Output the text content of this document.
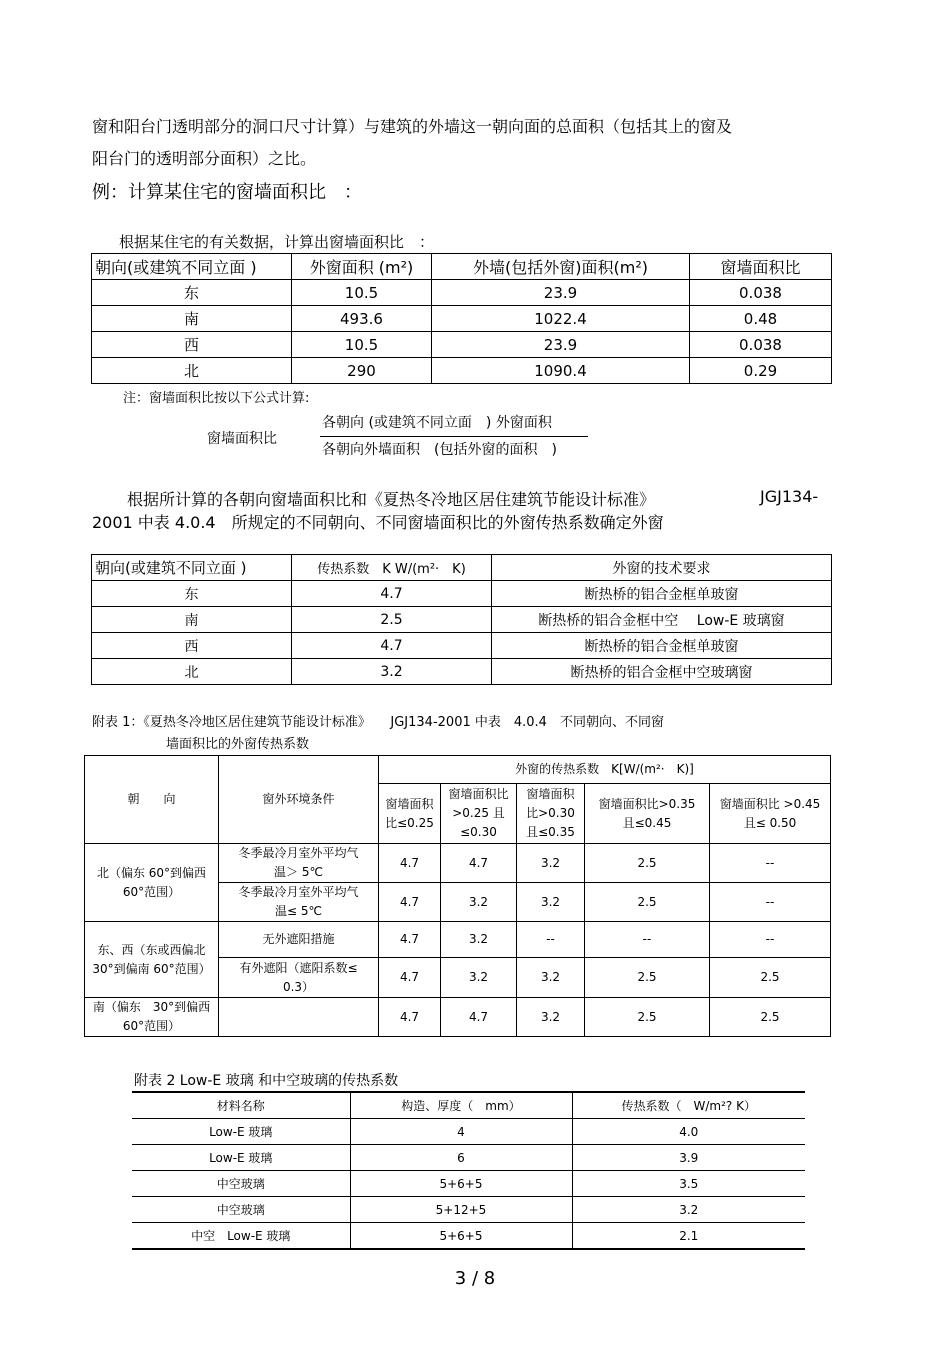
窗和阳台门透明部分的洞口尺寸计算）与建筑的外墙这一朝向面的总面积（包括其上的窗及
阳台门的透明部分面积）之比。
例：计算某住宅的窗墙面积比　：
根据某住宅的有关数据，计算出窗墙面积比　：
朝向(或建筑不同立面 )	外窗面积 (m²)	外墙(包括外窗)面积(m²)	窗墙面积比
东	10.5	23.9	0.038
南	493.6	1022.4	0.48
西	10.5	23.9	0.038
北	290	1090.4	0.29
注：窗墙面积比按以下公式计算:
窗墙面积比
各朝向 (或建筑不同立面　) 外窗面积
各朝向外墙面积　(包括外窗的面积　)
根据所计算的各朝向窗墙面积比和《夏热冬冷地区居住建筑节能设计标准》	JGJ134-
2001 中表 4.0.4　所规定的不同朝向、不同窗墙面积比的外窗传热系数确定外窗
朝向(或建筑不同立面 )	传热系数　K W/(m²·　K)	外窗的技术要求
东	4.7	断热桥的铝合金框单玻窗
南	2.5	断热桥的铝合金框中空　 Low-E 玻璃窗
西	4.7	断热桥的铝合金框单玻窗
北	3.2	断热桥的铝合金框中空玻璃窗
附表 1：《夏热冬冷地区居住建筑节能设计标准》　　JGJ134-2001 中表　4.0.4　不同朝向、不同窗
墙面积比的外窗传热系数
朝　　向	窗外环境条件	外窗的传热系数　K[W/(m²·　K)]				
		窗墙面积比≤0.25	窗墙面积比>0.25 且≤0.30	窗墙面积比>0.30 且≤0.35	窗墙面积比>0.35 且≤0.45	窗墙面积比 >0.45 且≤ 0.50
北（偏东 60°到偏西 60°范围）	冬季最冷月室外平均气温＞ 5℃	4.7	4.7	3.2	2.5	--
	冬季最冷月室外平均气温≤ 5℃	4.7	3.2	3.2	2.5	--
东、西（东或西偏北 30°到偏南 60°范围）	无外遮阳措施	4.7	3.2	--	--	--
	有外遮阳（遮阳系数≤　0.3）	4.7	3.2	3.2	2.5	2.5
南（偏东　30°到偏西 60°范围）		4.7	4.7	3.2	2.5	2.5
附表 2 Low-E 玻璃 和中空玻璃的传热系数
材料名称	构造、厚度（　mm）	传热系数（　W/m²? K）
Low-E 玻璃	4	4.0
Low-E 玻璃	6	3.9
中空玻璃	5+6+5	3.5
中空玻璃	5+12+5	3.2
中空　Low-E 玻璃	5+6+5	2.1
3 / 8
